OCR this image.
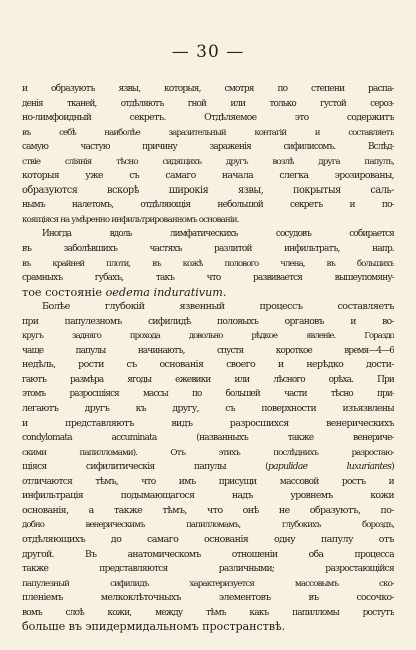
— 30 —
и образуютъ язвы, которыя, смотря по степени распа-
денія тканей, отдѣляютъ гной или только густой сероз-
но-лимфоидный секретъ. Отдѣляемое это содержитъ
въ себѣ наиболѣе заразительный контагій и составляетъ
самую частую причину зараженія сифилисомъ. Вслѣд-
ствіе слiянія тѣсно сидящихъ другъ возлѣ друга папулъ,
которыя уже съ самаго начала слегка эрозированы,
образуются вскорѣ широкія язвы, покрытыя саль-
нымъ налетомъ, отдѣляющія небольшой секретъ и по-
коящiяся на умѣренно инфильтрированномъ основанiи.
Иногда вдоль лимфатическихъ сосудовъ собирается
въ заболѣвшихъ частяхъ разлитой инфильтратъ, напр.
въ крайней плоти, въ кожѣ полового члена, въ большихъ
срамныхъ губахъ, такъ что развивается вышеупомяну-
тое состоянiе oedema indurativum.
Болѣе глубокій язвенный процессъ составляетъ
при папулезномъ сифилидѣ половыхъ органовъ и во-
кругъ задняго прохода довольно рѣдкое явленіе. Гораздо
чаще папулы начинаютъ, спустя короткое время—4—6
недѣль, рости съ основанія своего и нерѣдко дости-
гаютъ размѣра ягоды ежевики или лѣсного орѣха. При
этомъ разросшіяся массы по большей части тѣсно при-
легаютъ другъ къ другу, съ поверхности изъязвлены
и представляютъ видъ разросшихся венерическихъ
condylomata accuminata (названныхъ также венериче-
скими папилломами). Отъ этихъ послѣднихъ разростаю-
щіяся сифилитическія папулы (papulidae luxuriantes)
отличаются тѣмъ, что имъ присущи массовой ростъ и
инфильтрація подымающагося надъ уровнемъ кожи
основанія, а также тѣмъ, что онѣ не образуютъ, по-
добно венерическимъ папилломамъ, глубокихъ бороздъ,
отдѣляющихъ до самаго основанія одну папулу отъ
другой. Въ анатомическомъ отношеніи оба процесса
также представляются различными; разростающійся
папулезный сифилидъ характеризуется массовымъ ско-
пленіемъ мелкоклѣточныхъ элементовъ въ сосочко-
вомъ слоѣ кожи, между тѣмъ какъ папилломы ростутъ
больше въ эпидермидальномъ пространствѣ.
